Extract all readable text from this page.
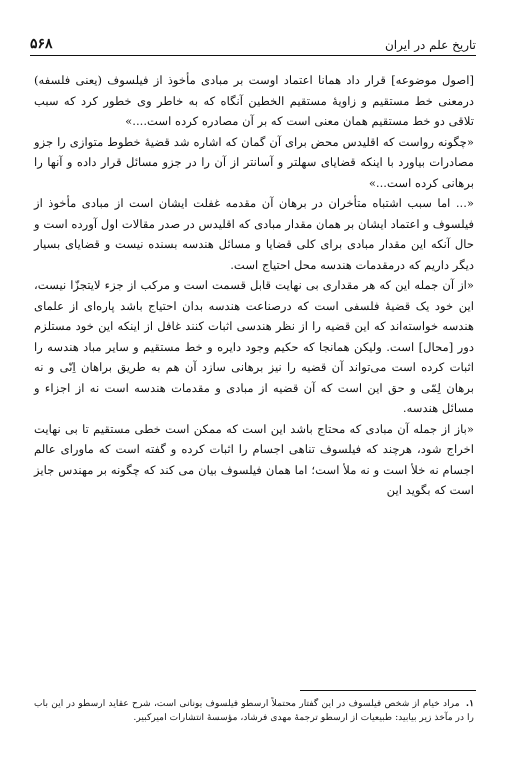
۵۶۸	تاریخ علم در ایران

[اصول موضوعه] قرار داد همانا اعتماد اوست بر مبادی مأخوذ از فیلسوف (یعنی فلسفه) درمعنی خط مستقیم و زاویهٔ مستقیم الخطین آنگاه که به خاطر وی خطور کرد که سبب تلاقی دو خط مستقیم همان معنی است که بر آن مصادره کرده است....»

«چگونه رواست که اقلیدس محض برای آن گمان که اشاره شد قضیهٔ خطوط متوازی را جزو مصادرات بیاورد با اینکه قضایای سهلتر و آسانتر از آن را در جزو مسائل قرار داده و آنها را برهانی کرده است...»

«... اما سبب اشتباه متأخران در برهان آن مقدمه غفلت ایشان است از مبادی مأخوذ از فیلسوف و اعتماد ایشان بر همان مقدار مبادی که اقلیدس در صدر مقالات اول آورده است و حال آنکه این مقدار مبادی برای کلی قضایا و مسائل هندسه بسنده نیست و قضایای بسیار دیگر داریم که درمقدمات هندسه محل احتیاج است.

«از آن جمله این که هر مقداری بی نهایت قابل قسمت است و مرکب از جزء لایتجزّا نیست، این خود یک قضیهٔ فلسفی است که درصناعت هندسه بدان احتیاج باشد پاره‌ای از علمای هندسه خواسته‌اند که این قضیه را از نظر هندسی اثبات کنند غافل از اینکه این خود مستلزم دور [محال] است. ولیکن همانجا که حکیم وجود دایره و خط مستقیم و سایر مباد هندسه را اثبات کرده است می‌تواند آن قضیه را نیز برهانی سازد آن هم به طریق براهان اِنّی و نه برهان لِمّی و حق این است که آن قضیه از مبادی و مقدمات هندسه است نه از اجزاء و مسائل هندسه.

«باز از جمله آن مبادی که محتاج باشد این است که ممکن است خطی مستقیم تا بی نهایت اخراج شود، هرچند که فیلسوف تناهی اجسام را اثبات کرده و گفته است که ماورای عالم اجسام نه خلأ است و نه ملأ است؛ اما همان فیلسوف بیان می کند که چگونه بر مهندس جایز است که بگوید این

۱. مراد خیام از شخص فیلسوف در این گفتار محتملاً ارسطو فیلسوف یونانی است، شرح عقاید ارسطو در این باب را در مآخذ زیر بیابید: طبیعیات از ارسطو ترجمهٔ مهدی فرشاد، مؤسسهٔ انتشارات امیرکبیر.
